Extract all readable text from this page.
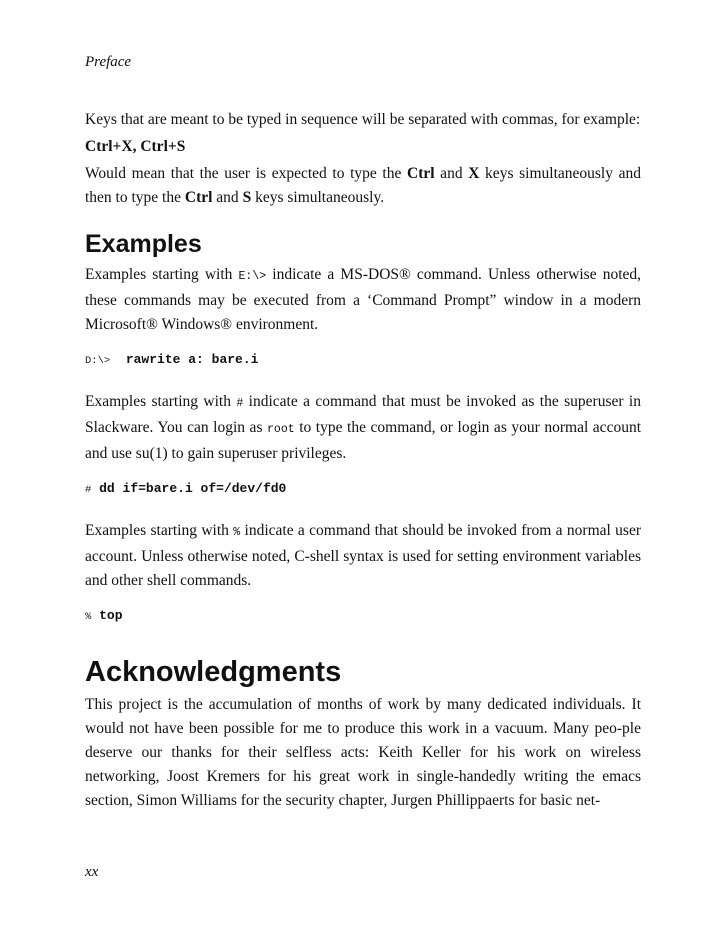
Preface

Keys that are meant to be typed in sequence will be separated with commas, for example:

Ctrl+X, Ctrl+S

Would mean that the user is expected to type the Ctrl and X keys simultaneously and then to type the Ctrl and S keys simultaneously.

Examples

Examples starting with E:\> indicate a MS-DOS® command. Unless otherwise noted, these commands may be executed from a ‘Command Prompt” window in a modern Microsoft® Windows® environment.

D:\> rawrite a: bare.i

Examples starting with # indicate a command that must be invoked as the superuser in Slackware. You can login as root to type the command, or login as your normal account and use su(1) to gain superuser privileges.

# dd if=bare.i of=/dev/fd0

Examples starting with % indicate a command that should be invoked from a normal user account. Unless otherwise noted, C-shell syntax is used for setting environment variables and other shell commands.

% top
Acknowledgments

This project is the accumulation of months of work by many dedicated individuals. It would not have been possible for me to produce this work in a vacuum. Many peo-ple deserve our thanks for their selfless acts: Keith Keller for his work on wireless networking, Joost Kremers for his great work in single-handedly writing the emacs section, Simon Williams for the security chapter, Jurgen Phillippaerts for basic net-

xx
